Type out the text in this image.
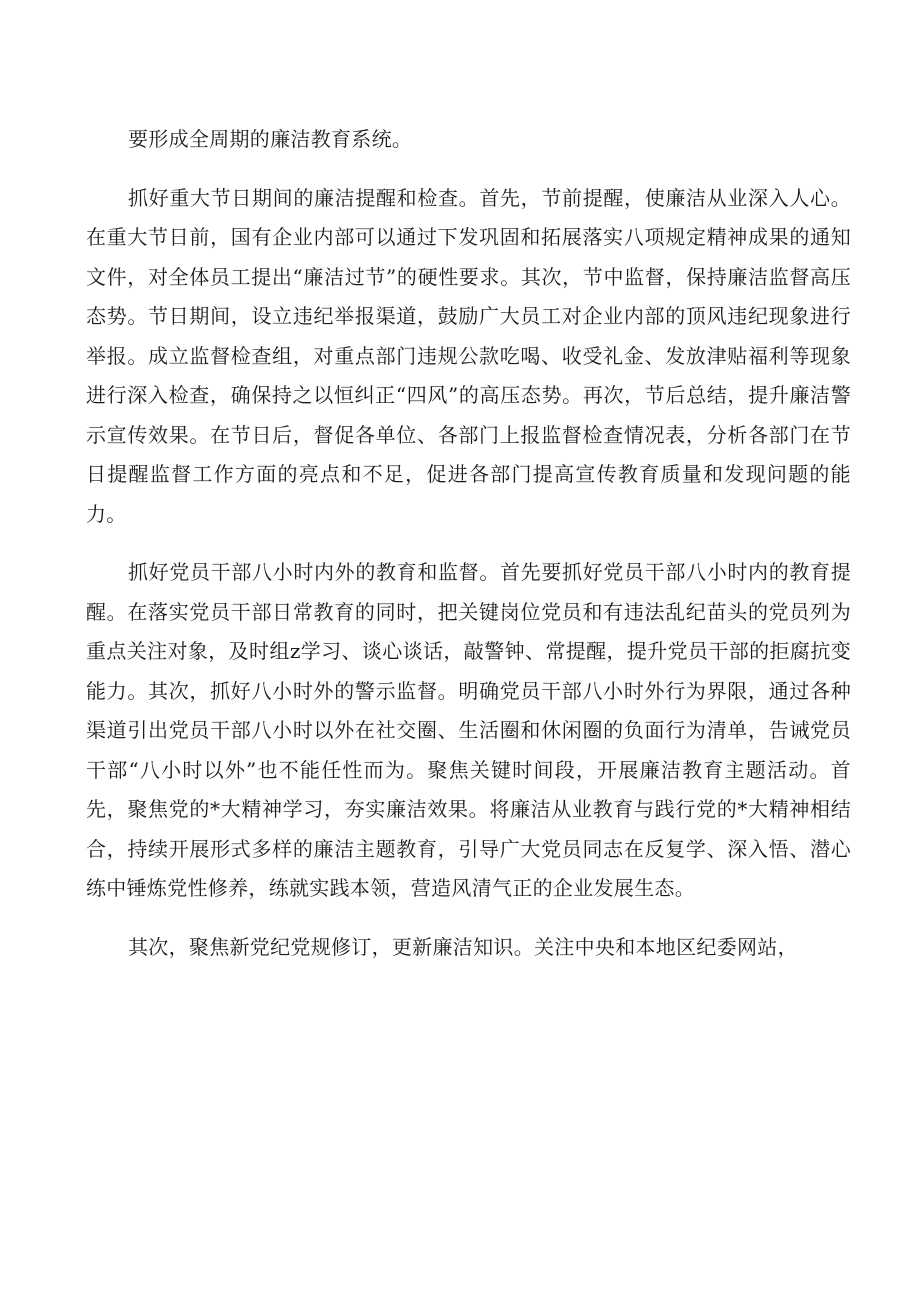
要形成全周期的廉洁教育系统。

抓好重大节日期间的廉洁提醒和检查。首先，节前提醒，使廉洁从业深入人心。在重大节日前，国有企业内部可以通过下发巩固和拓展落实八项规定精神成果的通知文件，对全体员工提出“廉洁过节”的硬性要求。其次，节中监督，保持廉洁监督高压态势。节日期间，设立违纪举报渠道，鼓励广大员工对企业内部的顶风违纪现象进行举报。成立监督检查组，对重点部门违规公款吃喝、收受礼金、发放津贴福利等现象进行深入检查，确保持之以恒纠正“四风”的高压态势。再次，节后总结，提升廉洁警示宣传效果。在节日后，督促各单位、各部门上报监督检查情况表，分析各部门在节日提醒监督工作方面的亮点和不足，促进各部门提高宣传教育质量和发现问题的能力。

抓好党员干部八小时内外的教育和监督。首先要抓好党员干部八小时内的教育提醒。在落实党员干部日常教育的同时，把关键岗位党员和有违法乱纪苗头的党员列为重点关注对象，及时组z学习、谈心谈话，敲警钟、常提醒，提升党员干部的拒腐抗变能力。其次，抓好八小时外的警示监督。明确党员干部八小时外行为界限，通过各种渠道引出党员干部八小时以外在社交圈、生活圈和休闲圈的负面行为清单，告诫党员干部“八小时以外”也不能任性而为。聚焦关键时间段，开展廉洁教育主题活动。首先，聚焦党的*大精神学习，夯实廉洁效果。将廉洁从业教育与践行党的*大精神相结合，持续开展形式多样的廉洁主题教育，引导广大党员同志在反复学、深入悟、潜心练中锤炼党性修养，练就实践本领，营造风清气正的企业发展生态。

其次，聚焦新党纪党规修订，更新廉洁知识。关注中央和本地区纪委网站，
